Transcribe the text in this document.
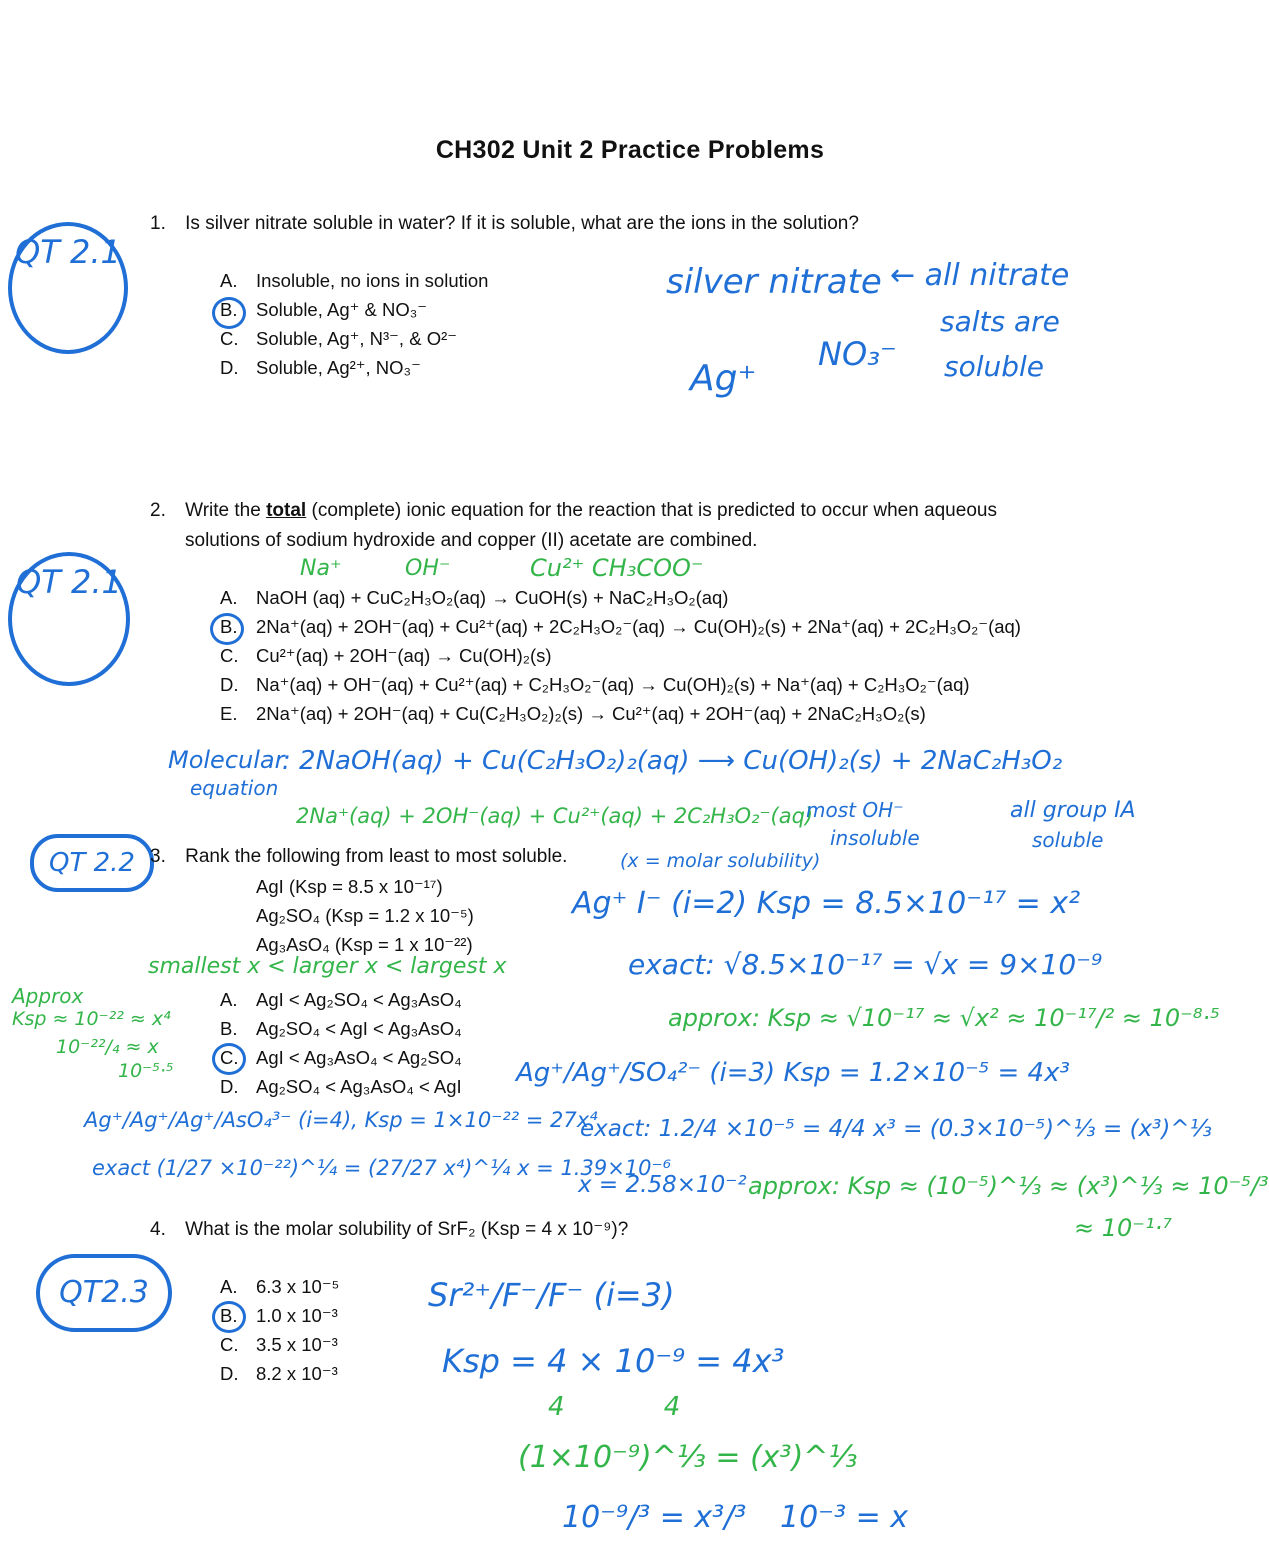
CH302 Unit 2 Practice Problems
1. Is silver nitrate soluble in water? If it is soluble, what are the ions in the solution?
A. Insoluble, no ions in solution
B. Soluble, Ag⁺ & NO₃⁻
C. Soluble, Ag⁺, N³⁻, & O²⁻
D. Soluble, Ag²⁺, NO₃⁻
QT 2.1
silver nitrate ← all nitrate
salts are
soluble
Ag⁺
NO₃⁻
2. Write the total (complete) ionic equation for the reaction that is predicted to occur when aqueous
solutions of sodium hydroxide and copper (II) acetate are combined.
Na⁺	OH⁻	Cu²⁺ CH₃COO⁻
A. NaOH (aq) + CuC₂H₃O₂(aq) → CuOH(s) + NaC₂H₃O₂(aq)
B. 2Na⁺(aq) + 2OH⁻(aq) + Cu²⁺(aq) + 2C₂H₃O₂⁻(aq) → Cu(OH)₂(s) + 2Na⁺(aq) + 2C₂H₃O₂⁻(aq)
C. Cu²⁺(aq) + 2OH⁻(aq) → Cu(OH)₂(s)
D. Na⁺(aq) + OH⁻(aq) + Cu²⁺(aq) + C₂H₃O₂⁻(aq) → Cu(OH)₂(s) + Na⁺(aq) + C₂H₃O₂⁻(aq)
E. 2Na⁺(aq) + 2OH⁻(aq) + Cu(C₂H₃O₂)₂(s) → Cu²⁺(aq) + 2OH⁻(aq) + 2NaC₂H₃O₂(s)
QT 2.1
Molecular
equation
: 2NaOH(aq) + Cu(C₂H₃O₂)₂(aq) ⟶ Cu(OH)₂(s) + 2NaC₂H₃O₂
2Na⁺(aq) + 2OH⁻(aq) + Cu²⁺(aq) + 2C₂H₃O₂⁻(aq)
most OH⁻
insoluble
all group IA
soluble
QT 2.2 3. Rank the following from least to most soluble.	(x = molar solubility)
AgI (Ksp = 8.5 x 10⁻¹⁷)
Ag₂SO₄ (Ksp = 1.2 x 10⁻⁵)
Ag₃AsO₄ (Ksp = 1 x 10⁻²²)
smallest x < larger x < largest x
A. AgI < Ag₂SO₄ < Ag₃AsO₄
B. Ag₂SO₄ < AgI < Ag₃AsO₄
C. AgI < Ag₃AsO₄ < Ag₂SO₄
D. Ag₂SO₄ < Ag₃AsO₄ < AgI
Approx
Ksp ≈ 10⁻²² ≈ x⁴
10⁻²²/₄ ≈ x
10⁻⁵·⁵
Ag⁺ I⁻ (i=2) Ksp = 8.5×10⁻¹⁷ = x²
exact: √8.5×10⁻¹⁷ = √x = 9×10⁻⁹
approx: Ksp ≈ √10⁻¹⁷ ≈ √x² ≈ 10⁻¹⁷/² ≈ 10⁻⁸·⁵
Ag⁺/Ag⁺/SO₄²⁻ (i=3) Ksp = 1.2×10⁻⁵ = 4x³
exact: 1.2/4 ×10⁻⁵ = 4/4 x³ = (0.3×10⁻⁵)^⅓ = (x³)^⅓
x = 2.58×10⁻² approx: Ksp ≈ (10⁻⁵)^⅓ ≈ (x³)^⅓ ≈ 10⁻⁵/³
≈ 10⁻¹·⁷
Ag⁺/Ag⁺/Ag⁺/AsO₄³⁻ (i=4), Ksp = 1×10⁻²² = 27x⁴
exact (1/27 ×10⁻²²)^¼ = (27/27 x⁴)^¼ x = 1.39×10⁻⁶
4. What is the molar solubility of SrF₂ (Ksp = 4 x 10⁻⁹)?
QT2.3	A. 6.3 x 10⁻⁵
B. 1.0 x 10⁻³
C. 3.5 x 10⁻³
D. 8.2 x 10⁻³
Sr²⁺/F⁻/F⁻ (i=3)
Ksp = 4 × 10⁻⁹ = 4x³
4            4
(1×10⁻⁹)^⅓ = (x³)^⅓
10⁻⁹/³ = x³/³ 10⁻³ = x
